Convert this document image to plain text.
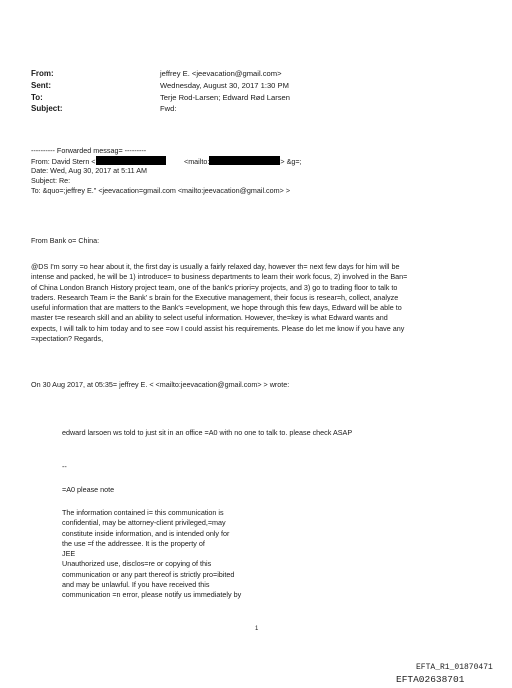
From:	jeffrey E. <jeevacation@gmail.com>
Sent:	Wednesday, August 30, 2017 1:30 PM
To:	Terje Rod-Larsen; Edward Rød Larsen
Subject:	Fwd:
---------- Forwarded messag= ---------
From: David Stern <	<mailto:	> &g=;
Date: Wed, Aug 30, 2017 at 5:11 AM
Subject: Re:
To: &quo=;jeffrey E." <jeevacation=gmail.com <mailto:jeevacation@gmail.com> >
From Bank o= China:
@DS I'm sorry =o hear about it, the first day is usually a fairly relaxed day, however th= next few days for him will be
intense and packed, he will be 1) introduce= to business departments to learn their work focus, 2) involved in the Ban=
of China London Branch History project team, one of the bank's priori=y projects, and 3) go to trading floor to talk to
traders. Research Team i= the Bank' s brain for the Executive management, their focus is resear=h, collect, analyze
useful information that are matters to the Bank's =evelopment, we hope through this few days, Edward will be able to
master t=e research skill and an ability to select useful information. However, the=key is what Edward wants and
expects, I will talk to him today and to see =ow I could assist his requirements. Please do let me know if you have any
=xpectation? Regards,
On 30 Aug 2017, at 05:35= jeffrey E. < <mailto:jeevacation@gmail.com> > wrote:
edward larsoen ws told to just sit in an office =A0 with no one to talk to. please check ASAP
--
=A0 please note
The information contained i= this communication is
confidential, may be attorney-client privileged,=may
constitute inside information, and is intended only for
the use =f the addressee. It is the property of
JEE
Unauthorized use, disclos=re or copying of this
communication or any part thereof is strictly pro=ibited
and may be unlawful. If you have received this
communication =n error, please notify us immediately by
1
EFTA_R1_01870471
EFTA02638701
